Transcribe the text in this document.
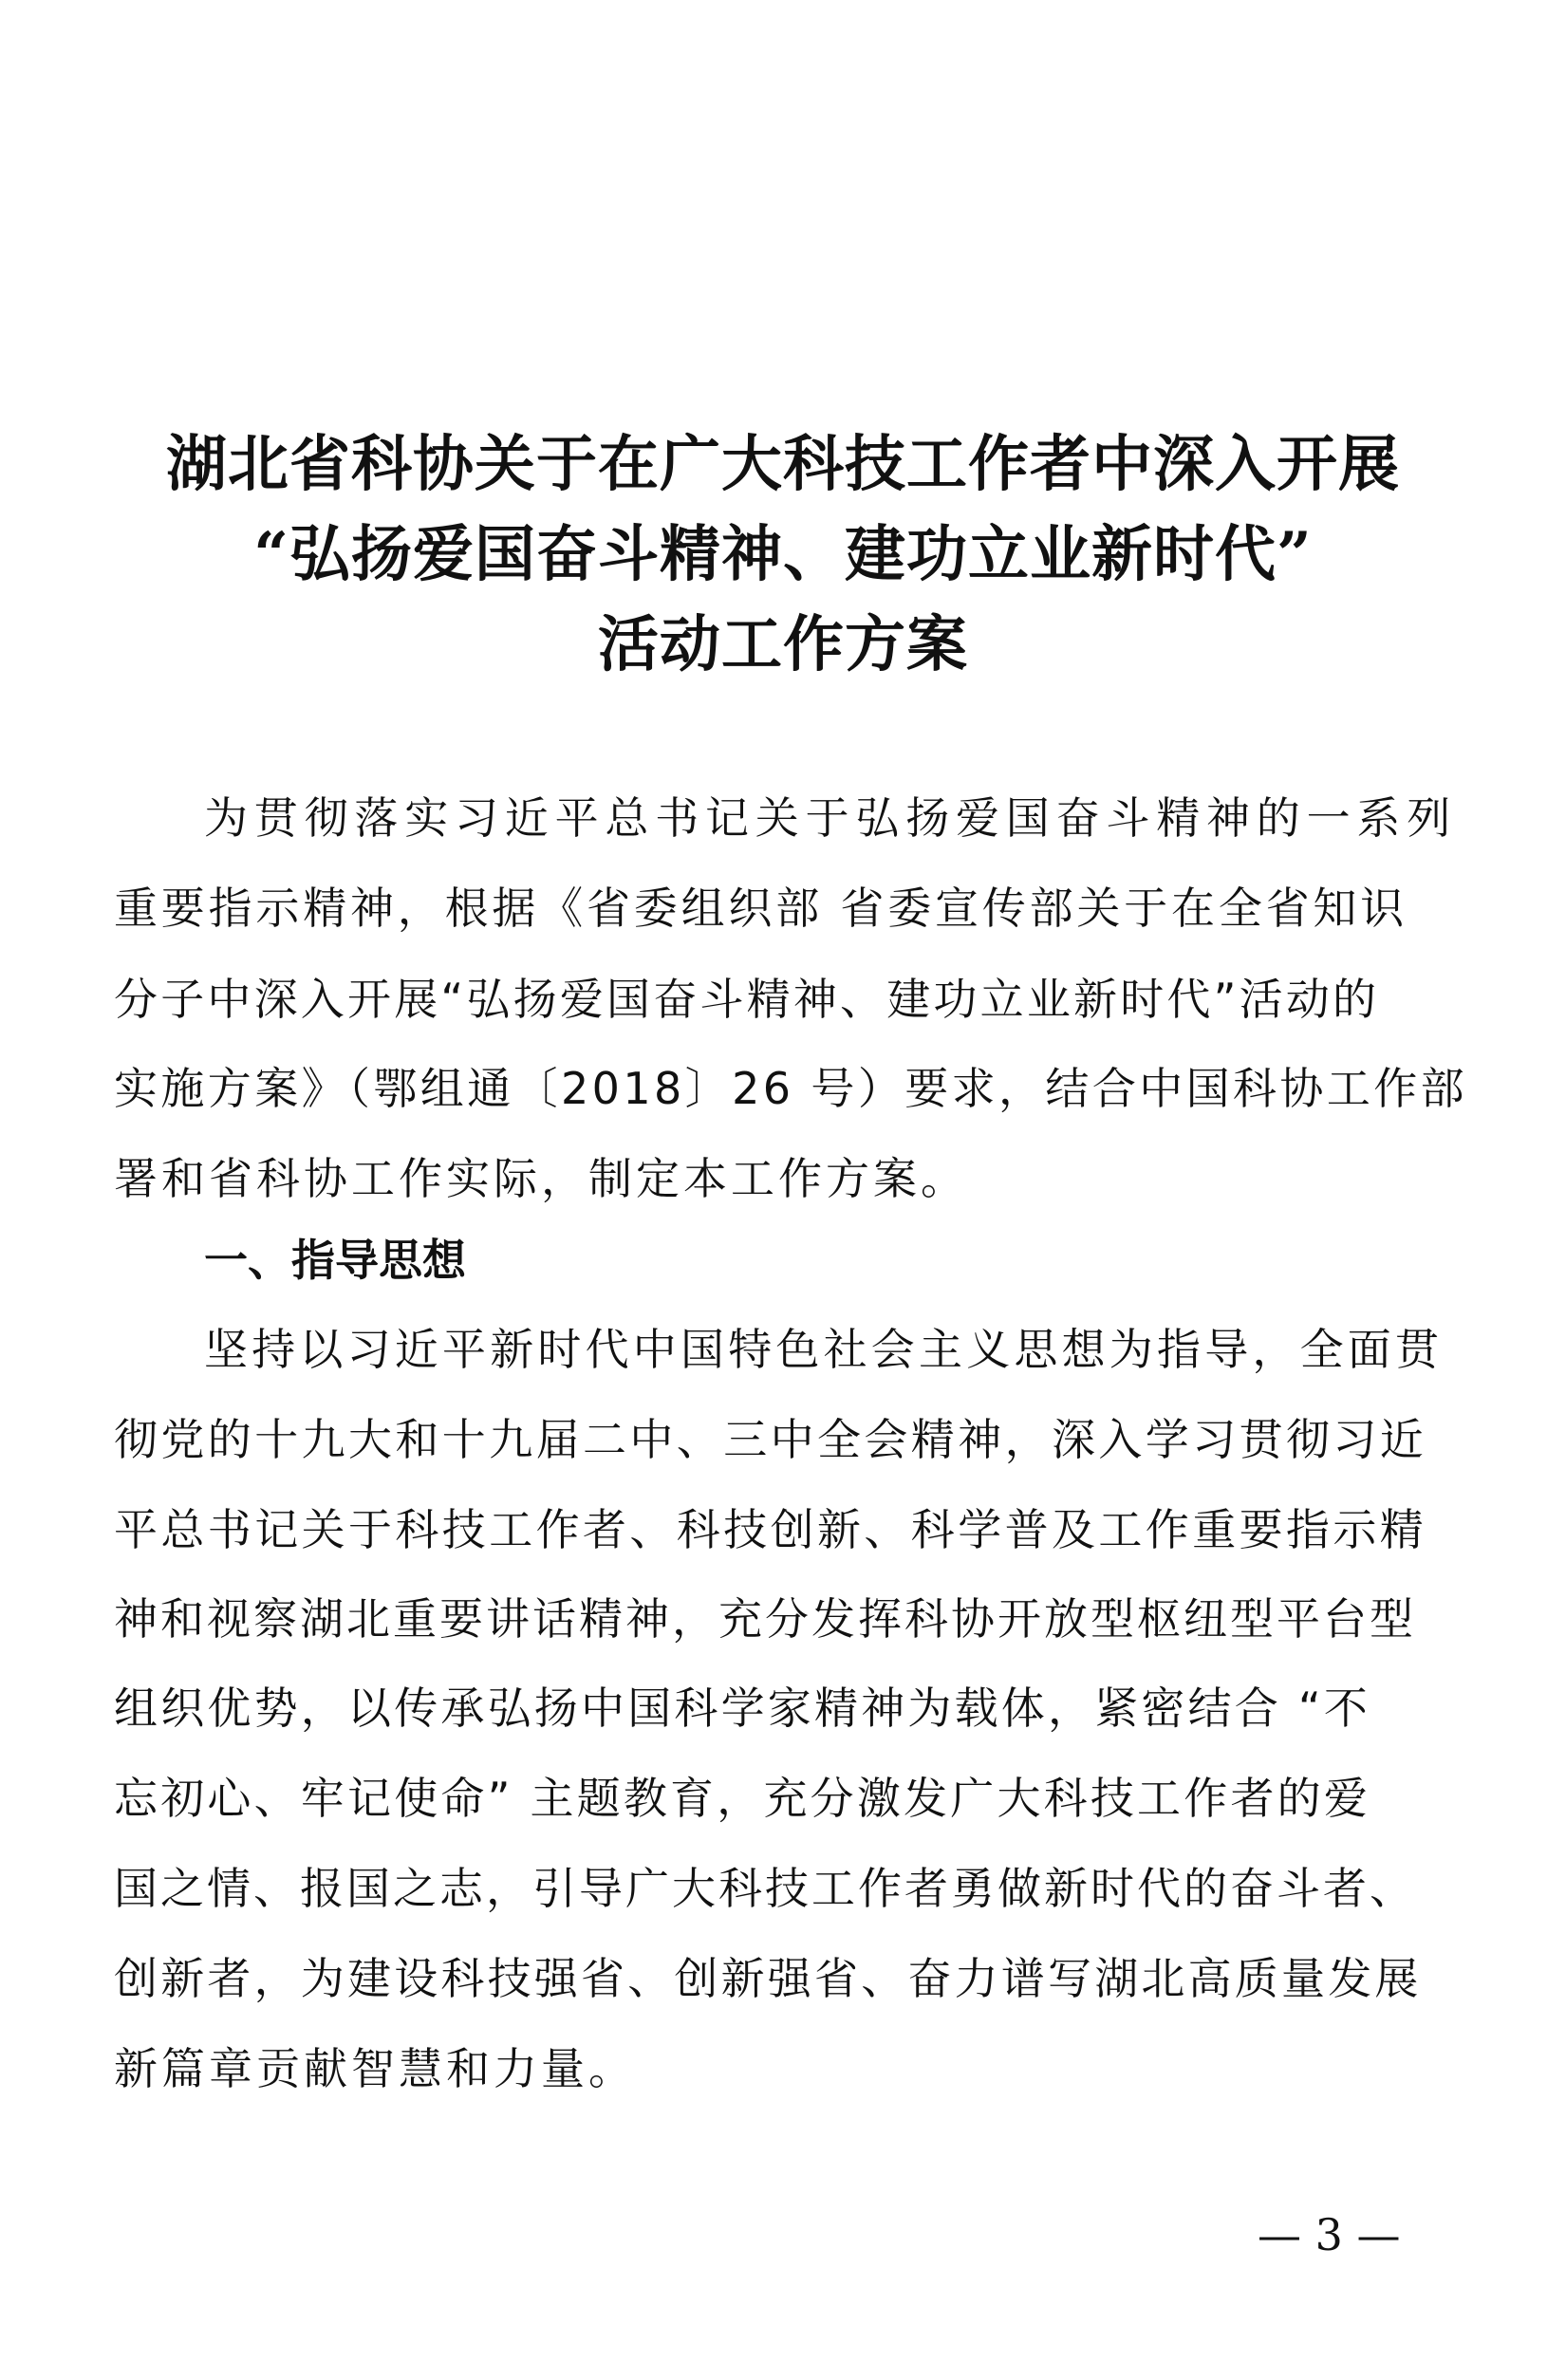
湖北省科协关于在广大科技工作者中深入开展
“弘扬爱国奋斗精神、建功立业新时代”
活动工作方案
为贯彻落实习近平总书记关于弘扬爱国奋斗精神的一系列
重要指示精神，根据《省委组织部 省委宣传部关于在全省知识
分子中深入开展“弘扬爱国奋斗精神、建功立业新时代”活动的
实施方案》（鄂组通〔2018〕26 号）要求，结合中国科协工作部
署和省科协工作实际，制定本工作方案。
一、指导思想
坚持以习近平新时代中国特色社会主义思想为指导，全面贯
彻党的十九大和十九届二中、三中全会精神，深入学习贯彻习近
平总书记关于科技工作者、科技创新、科学普及工作重要指示精
神和视察湖北重要讲话精神，充分发挥科协开放型枢纽型平台型
组织优势，以传承弘扬中国科学家精神为载体，紧密结合 “不
忘初心、牢记使命” 主题教育，充分激发广大科技工作者的爱
国之情、报国之志，引导广大科技工作者勇做新时代的奋斗者、
创新者，为建设科技强省、创新强省、奋力谱写湖北高质量发展
新篇章贡献智慧和力量。
— 3 —
